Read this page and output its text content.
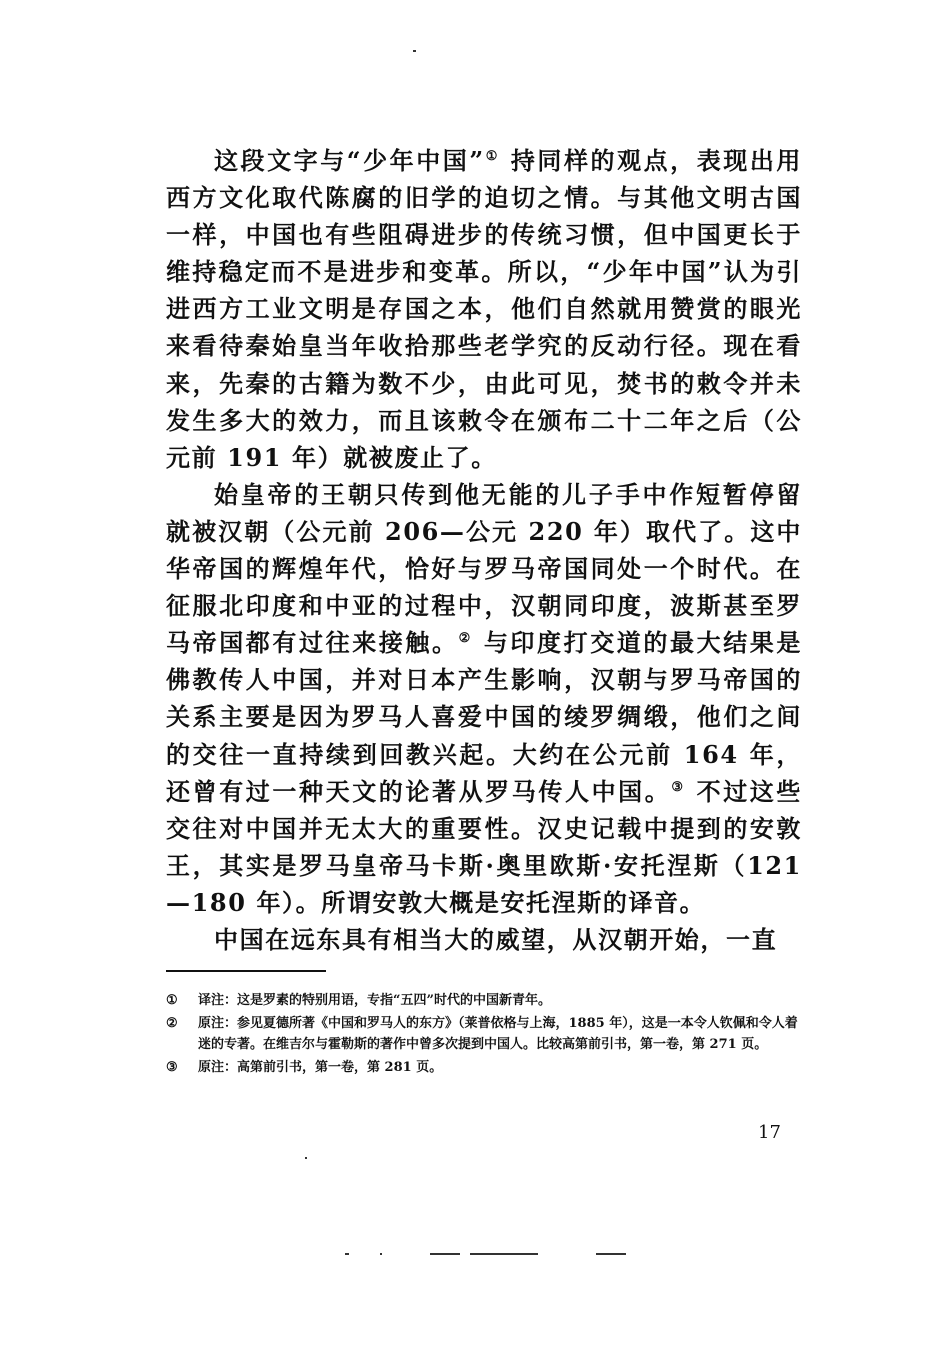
这段文字与“少年中国”① 持同样的观点，表现出用西方文化取代陈腐的旧学的迫切之情。与其他文明古国一样，中国也有些阻碍进步的传统习惯，但中国更长于维持稳定而不是进步和变革。所以，“少年中国”认为引进西方工业文明是存国之本，他们自然就用赞赏的眼光来看待秦始皇当年收拾那些老学究的反动行径。现在看来，先秦的古籍为数不少，由此可见，焚书的敕令并未发生多大的效力，而且该敕令在颁布二十二年之后（公元前 191 年）就被废止了。

始皇帝的王朝只传到他无能的儿子手中作短暂停留就被汉朝（公元前 206—公元 220 年）取代了。这中华帝国的辉煌年代，恰好与罗马帝国同处一个时代。在征服北印度和中亚的过程中，汉朝同印度，波斯甚至罗马帝国都有过往来接触。② 与印度打交道的最大结果是佛教传人中国，并对日本产生影响，汉朝与罗马帝国的关系主要是因为罗马人喜爱中国的绫罗绸缎，他们之间的交往一直持续到回教兴起。大约在公元前 164 年，还曾有过一种天文的论著从罗马传人中国。③ 不过这些交往对中国并无太大的重要性。汉史记载中提到的安敦王，其实是罗马皇帝马卡斯·奥里欧斯·安托涅斯（121—180 年）。所谓安敦大概是安托涅斯的译音。

中国在远东具有相当大的威望，从汉朝开始，一直

① 译注：这是罗素的特别用语，专指“五四”时代的中国新青年。
② 原注：参见夏德所著《中国和罗马人的东方》（莱普依格与上海，1885 年），这是一本令人钦佩和令人着迷的专著。在维吉尔与霍勒斯的著作中曾多次提到中国人。比较高第前引书，第一卷，第 271 页。
③ 原注：高第前引书，第一卷，第 281 页。
17
